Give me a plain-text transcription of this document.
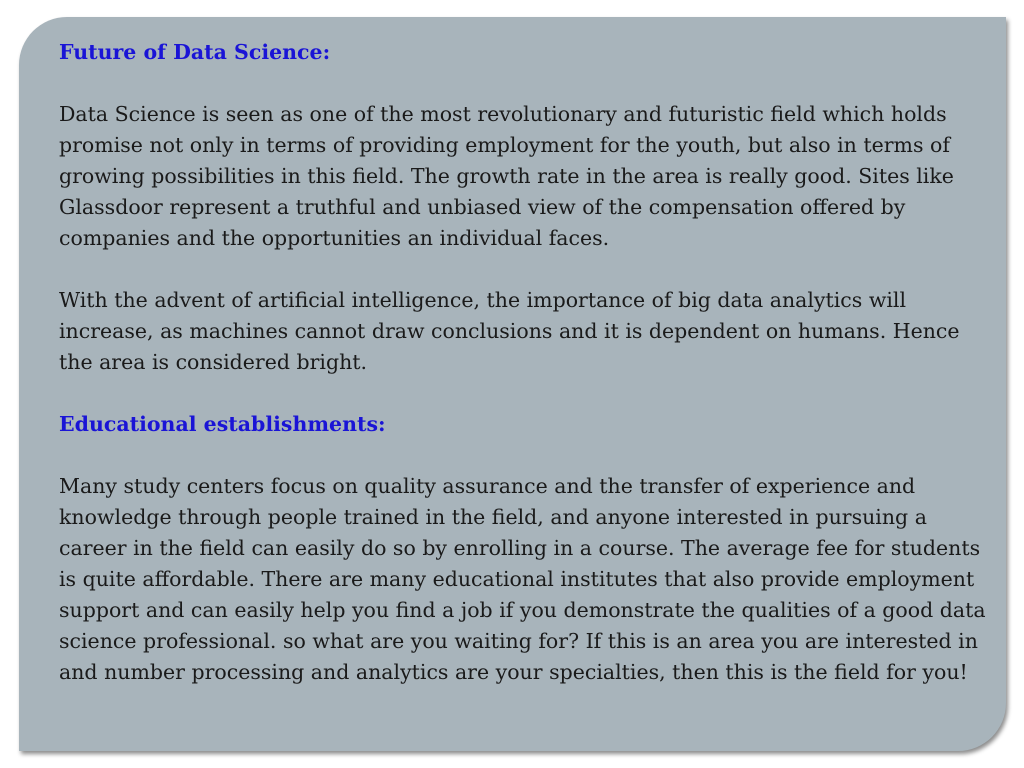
Future of Data Science:

Data Science is seen as one of the most revolutionary and futuristic field which holds promise not only in terms of providing employment for the youth, but also in terms of growing possibilities in this field. The growth rate in the area is really good. Sites like Glassdoor represent a truthful and unbiased view of the compensation offered by companies and the opportunities an individual faces.

With the advent of artificial intelligence, the importance of big data analytics will increase, as machines cannot draw conclusions and it is dependent on humans. Hence the area is considered bright.

Educational establishments:

Many study centers focus on quality assurance and the transfer of experience and knowledge through people trained in the field, and anyone interested in pursuing a career in the field can easily do so by enrolling in a course. The average fee for students is quite affordable. There are many educational institutes that also provide employment support and can easily help you find a job if you demonstrate the qualities of a good data science professional. so what are you waiting for? If this is an area you are interested in and number processing and analytics are your specialties, then this is the field for you!
